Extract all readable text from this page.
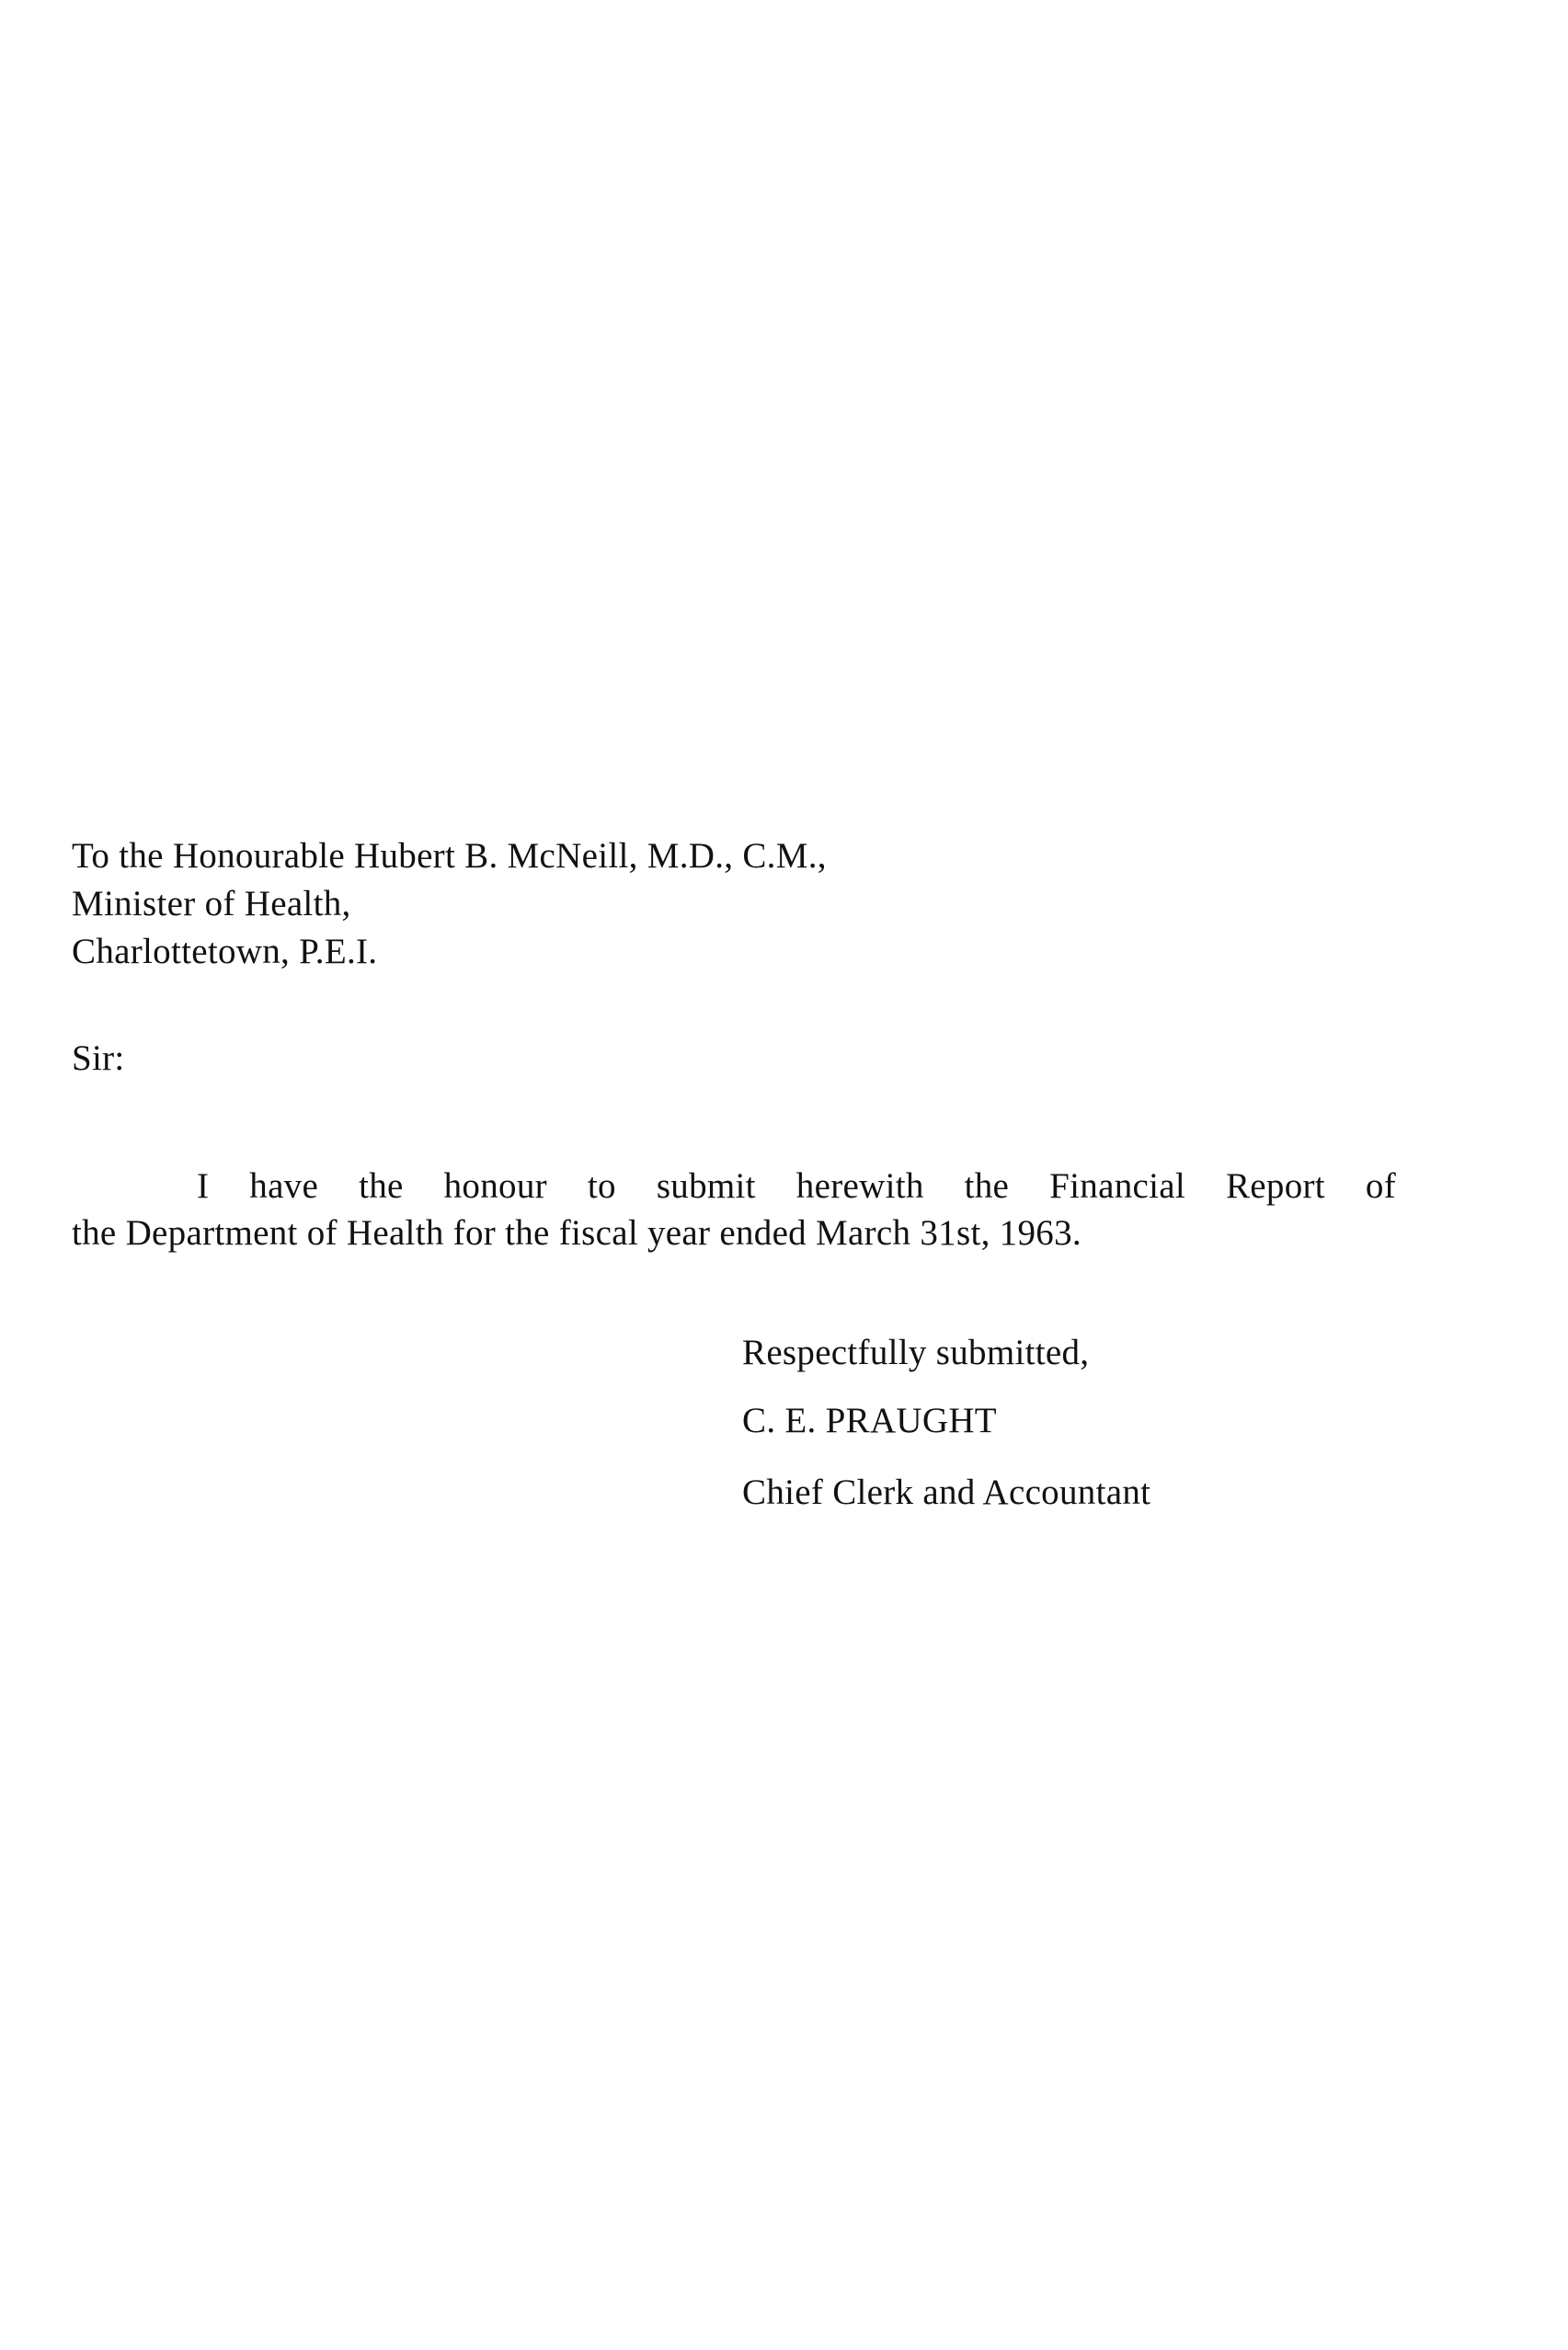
To the Honourable Hubert B. McNeill, M.D., C.M.,
Minister of Health,
Charlottetown, P.E.I.
Sir:
I have the honour to submit herewith the Financial Report of
the Department of Health for the fiscal year ended March 31st, 1963.
Respectfully submitted,
C. E. PRAUGHT
Chief Clerk and Accountant
